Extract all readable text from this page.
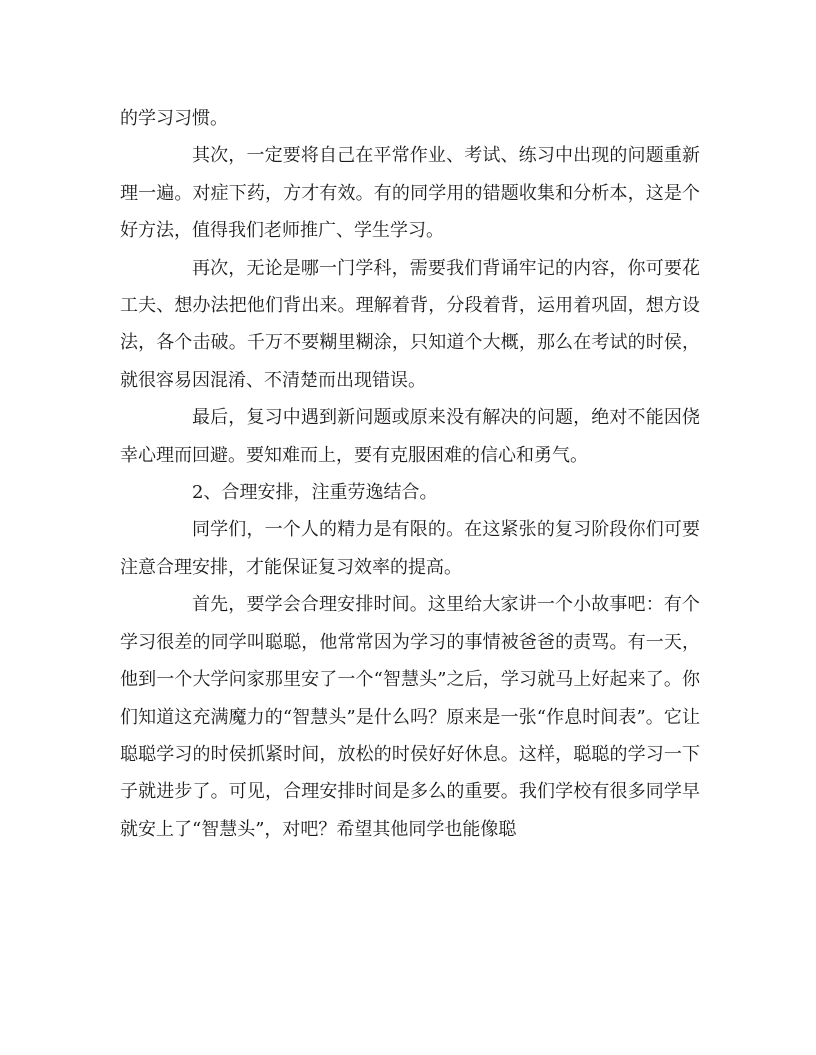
的学习习惯。

其次，一定要将自己在平常作业、考试、练习中出现的问题重新理一遍。对症下药，方才有效。有的同学用的错题收集和分析本，这是个好方法，值得我们老师推广、学生学习。

再次，无论是哪一门学科，需要我们背诵牢记的内容，你可要花工夫、想办法把他们背出来。理解着背，分段着背，运用着巩固，想方设法，各个击破。千万不要糊里糊涂，只知道个大概，那么在考试的时侯，就很容易因混淆、不清楚而出现错误。

最后，复习中遇到新问题或原来没有解决的问题，绝对不能因侥幸心理而回避。要知难而上，要有克服困难的信心和勇气。

2、合理安排，注重劳逸结合。

同学们，一个人的精力是有限的。在这紧张的复习阶段你们可要注意合理安排，才能保证复习效率的提高。

首先，要学会合理安排时间。这里给大家讲一个小故事吧：有个学习很差的同学叫聪聪，他常常因为学习的事情被爸爸的责骂。有一天，他到一个大学问家那里安了一个“智慧头”之后，学习就马上好起来了。你们知道这充满魔力的“智慧头”是什么吗？原来是一张“作息时间表”。它让聪聪学习的时侯抓紧时间，放松的时侯好好休息。这样，聪聪的学习一下子就进步了。可见，合理安排时间是多么的重要。我们学校有很多同学早就安上了“智慧头”，对吧？希望其他同学也能像聪
